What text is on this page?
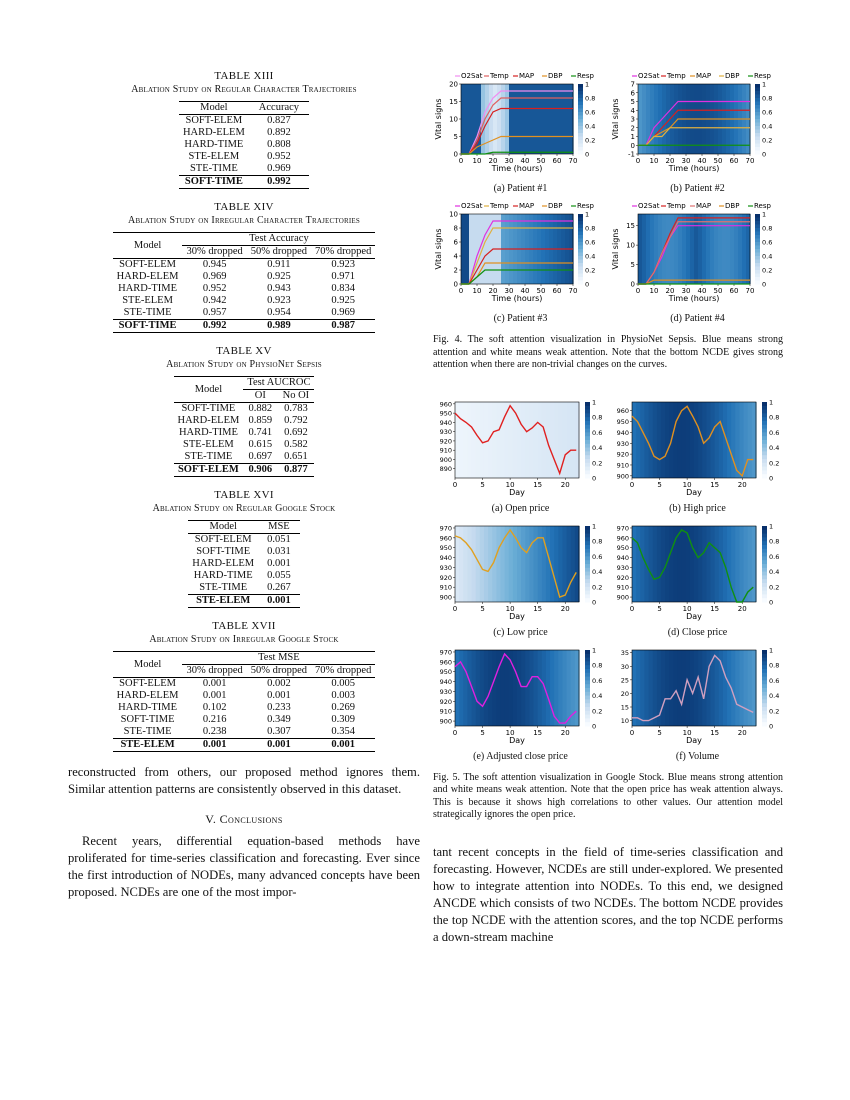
TABLE XIII
Ablation Study on Regular Character Trajectories
Model	Accuracy
SOFT-ELEM	0.827
HARD-ELEM	0.892
HARD-TIME	0.808
STE-ELEM	0.952
STE-TIME	0.969
SOFT-TIME	0.992
TABLE XIV
Ablation Study on Irregular Character Trajectories
Model	Test Accuracy		
	30% dropped	50% dropped	70% dropped
SOFT-ELEM	0.945	0.911	0.923
HARD-ELEM	0.969	0.925	0.971
HARD-TIME	0.952	0.943	0.834
STE-ELEM	0.942	0.923	0.925
STE-TIME	0.957	0.954	0.969
SOFT-TIME	0.992	0.989	0.987
TABLE XV
Ablation Study on PhysioNet Sepsis
Model	Test AUCROC	
	OI	No OI
SOFT-TIME	0.882	0.783
HARD-ELEM	0.859	0.792
HARD-TIME	0.741	0.692
STE-ELEM	0.615	0.582
STE-TIME	0.697	0.651
SOFT-ELEM	0.906	0.877
TABLE XVI
Ablation Study on Regular Google Stock
Model	MSE
SOFT-ELEM	0.051
SOFT-TIME	0.031
HARD-ELEM	0.001
HARD-TIME	0.055
STE-TIME	0.267
STE-ELEM	0.001
TABLE XVII
Ablation Study on Irregular Google Stock
Model	Test MSE		
	30% dropped	50% dropped	70% dropped
SOFT-ELEM	0.001	0.002	0.005
HARD-ELEM	0.001	0.001	0.003
HARD-TIME	0.102	0.233	0.269
SOFT-TIME	0.216	0.349	0.309
STE-TIME	0.238	0.307	0.354
STE-ELEM	0.001	0.001	0.001
reconstructed from others, our proposed method ignores them. Similar attention patterns are consistently observed in this dataset.
V. Conclusions
Recent years, differential equation-based methods have proliferated for time-series classification and forecasting. Ever since the first introduction of NODEs, many advanced concepts have been proposed. NCDEs are one of the most impor-
O2Sat Temp MAP DBP Resp
0 10 20 30 40 50 60 70
0
5
10
15
20
Time (hours)
Vital signs
1
0.8
0.6
0.4
0.2
0
(a) Patient #1
O2Sat Temp MAP DBP Resp
0 10 20 30 40 50 60 70
-1
0
1
2
3
4
5
6
7
Time (hours)
Vital signs
1
0.8
0.6
0.4
0.2
0
(b) Patient #2
O2Sat Temp MAP DBP Resp
0 10 20 30 40 50 60 70
0
2
4
6
8
10
Time (hours)
Vital signs
1
0.8
0.6
0.4
0.2
0
(c) Patient #3
O2Sat Temp MAP DBP Resp
0 10 20 30 40 50 60 70
0
5
10
15
Time (hours)
Vital signs
1
0.8
0.6
0.4
0.2
0
(d) Patient #4
Fig. 4. The soft attention visualization in PhysioNet Sepsis. Blue means strong attention and white means weak attention. Note that the bottom NCDE gives strong attention when there are non-trivial changes on the curves.
0	5	10	15	20
890
900
910
920
930
940
950
960
Day
1
0.8
0.6
0.4
0.2
0
(a) Open price
0	5	10	15	20
900
910
920
930
940
950
960
Day
1
0.8
0.6
0.4
0.2
0
(b) High price
0	5	10	15	20
900
910
920
930
940
950
960
970
Day
1
0.8
0.6
0.4
0.2
0
(c) Low price
0	5	10	15	20
900
910
920
930
940
950
960
970
Day
1
0.8
0.6
0.4
0.2
0
(d) Close price
0	5	10	15	20
900
910
920
930
940
950
960
970
Day
1
0.8
0.6
0.4
0.2
0
(e) Adjusted close price
0	5	10	15	20
10
15
20
25
30
35
Day
1
0.8
0.6
0.4
0.2
0
(f) Volume
Fig. 5. The soft attention visualization in Google Stock. Blue means strong attention and white means weak attention. Note that the open price has weak attention always. This is because it shows high correlations to other values. Our attention model strategically ignores the open price.
tant recent concepts in the field of time-series classification and forecasting. However, NCDEs are still under-explored. We presented how to integrate attention into NODEs. To this end, we designed ANCDE which consists of two NCDEs. The bottom NCDE provides the top NCDE with the attention scores, and the top NCDE performs a down-stream machine
